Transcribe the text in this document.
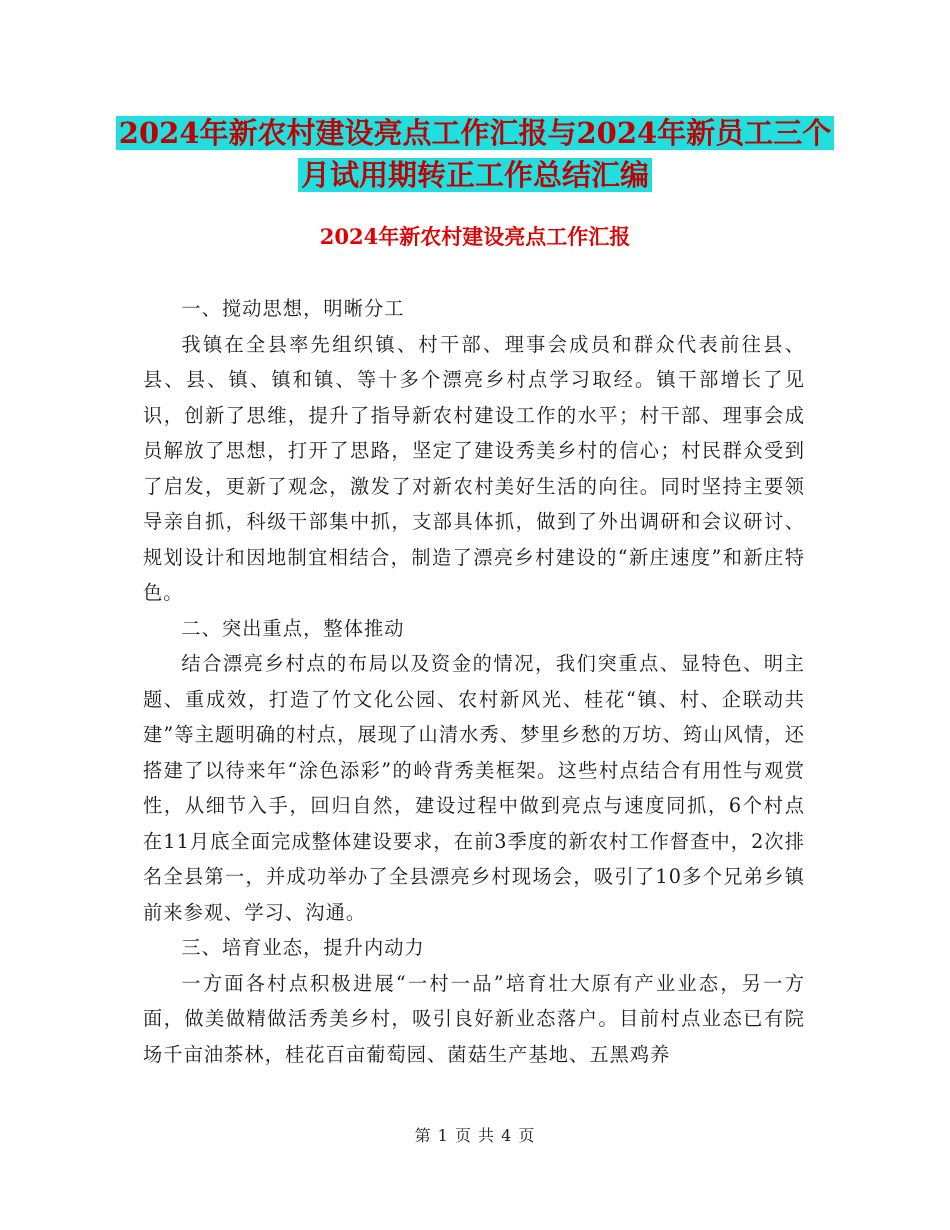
2024年新农村建设亮点工作汇报与2024年新员工三个
月试用期转正工作总结汇编
2024年新农村建设亮点工作汇报

一、搅动思想，明晰分工

我镇在全县率先组织镇、村干部、理事会成员和群众代表前往县、县、县、镇、镇和镇、等十多个漂亮乡村点学习取经。镇干部增长了见识，创新了思维，提升了指导新农村建设工作的水平；村干部、理事会成员解放了思想，打开了思路，坚定了建设秀美乡村的信心；村民群众受到了启发，更新了观念，激发了对新农村美好生活的向往。同时坚持主要领导亲自抓，科级干部集中抓，支部具体抓，做到了外出调研和会议研讨、规划设计和因地制宜相结合，制造了漂亮乡村建设的“新庄速度”和新庄特色。

二、突出重点，整体推动

结合漂亮乡村点的布局以及资金的情况，我们突重点、显特色、明主题、重成效，打造了竹文化公园、农村新风光、桂花“镇、村、企联动共建”等主题明确的村点，展现了山清水秀、梦里乡愁的万坊、筠山风情，还搭建了以待来年“涂色添彩”的岭背秀美框架。这些村点结合有用性与观赏性，从细节入手，回归自然，建设过程中做到亮点与速度同抓，6个村点在11月底全面完成整体建设要求，在前3季度的新农村工作督查中，2次排名全县第一，并成功举办了全县漂亮乡村现场会，吸引了10多个兄弟乡镇前来参观、学习、沟通。

三、培育业态，提升内动力

一方面各村点积极进展“一村一品”培育壮大原有产业业态，另一方面，做美做精做活秀美乡村，吸引良好新业态落户。目前村点业态已有院场千亩油茶林，桂花百亩葡萄园、菌菇生产基地、五黑鸡养

第 1 页 共 4 页
